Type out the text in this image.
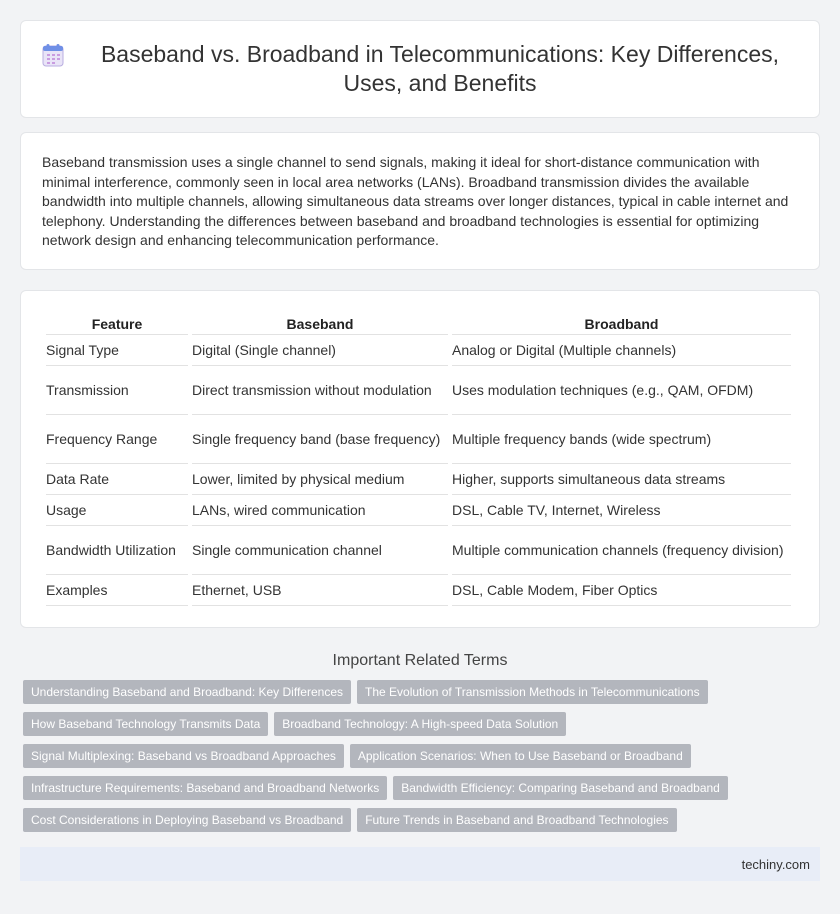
Baseband vs. Broadband in Telecommunications: Key Differences, Uses, and Benefits

Baseband transmission uses a single channel to send signals, making it ideal for short-distance communication with minimal interference, commonly seen in local area networks (LANs). Broadband transmission divides the available bandwidth into multiple channels, allowing simultaneous data streams over longer distances, typical in cable internet and telephony. Understanding the differences between baseband and broadband technologies is essential for optimizing network design and enhancing telecommunication performance.

Feature	Baseband	Broadband
Signal Type	Digital (Single channel)	Analog or Digital (Multiple channels)
Transmission	Direct transmission without modulation	Uses modulation techniques (e.g., QAM, OFDM)
Frequency Range	Single frequency band (base frequency)	Multiple frequency bands (wide spectrum)
Data Rate	Lower, limited by physical medium	Higher, supports simultaneous data streams
Usage	LANs, wired communication	DSL, Cable TV, Internet, Wireless
Bandwidth Utilization	Single communication channel	Multiple communication channels (frequency division)
Examples	Ethernet, USB	DSL, Cable Modem, Fiber Optics
Important Related Terms
Understanding Baseband and Broadband: Key Differences	The Evolution of Transmission Methods in Telecommunications
How Baseband Technology Transmits Data	Broadband Technology: A High-speed Data Solution
Signal Multiplexing: Baseband vs Broadband Approaches	Application Scenarios: When to Use Baseband or Broadband
Infrastructure Requirements: Baseband and Broadband Networks	Bandwidth Efficiency: Comparing Baseband and Broadband
Cost Considerations in Deploying Baseband vs Broadband	Future Trends in Baseband and Broadband Technologies
techiny.com
